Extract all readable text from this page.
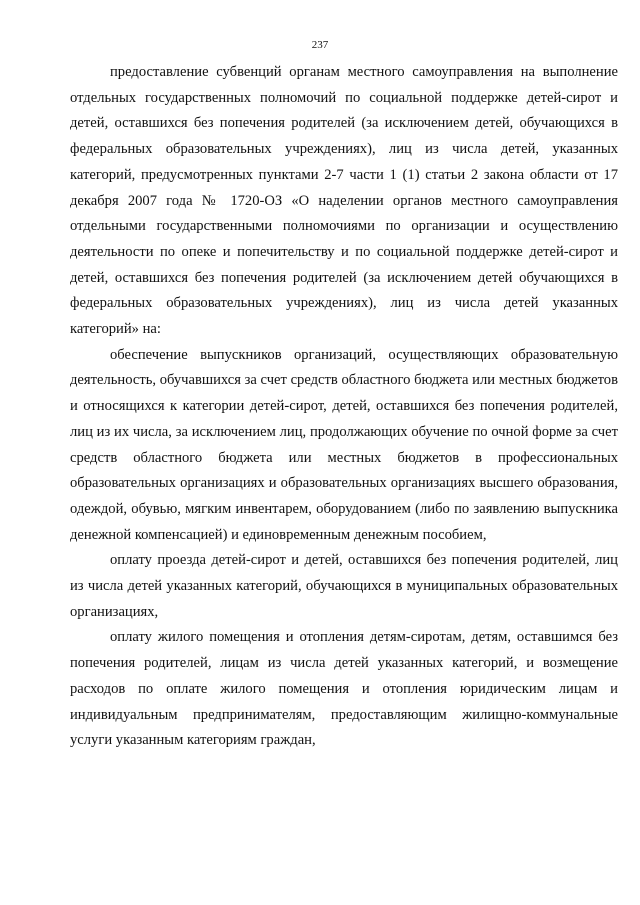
237

предоставление субвенций органам местного самоуправления на выполнение отдельных государственных полномочий по социальной поддержке детей-сирот и детей, оставшихся без попечения родителей (за исключением детей, обучающихся в федеральных образовательных учреждениях), лиц из числа детей, указанных категорий, предусмотренных пунктами 2-7 части 1 (1) статьи 2 закона области от 17 декабря 2007 года № 1720-ОЗ «О наделении органов местного самоуправления отдельными государственными полномочиями по организации и осуществлению деятельности по опеке и попечительству и по социальной поддержке детей-сирот и детей, оставшихся без попечения родителей (за исключением детей обучающихся в федеральных образовательных учреждениях), лиц из числа детей указанных категорий» на:

обеспечение выпускников организаций, осуществляющих образовательную деятельность, обучавшихся за счет средств областного бюджета или местных бюджетов и относящихся к категории детей-сирот, детей, оставшихся без попечения родителей, лиц из их числа, за исключением лиц, продолжающих обучение по очной форме за счет средств областного бюджета или местных бюджетов в профессиональных образовательных организациях и образовательных организациях высшего образования, одеждой, обувью, мягким инвентарем, оборудованием (либо по заявлению выпускника денежной компенсацией) и единовременным денежным пособием,

оплату проезда детей-сирот и детей, оставшихся без попечения родителей, лиц из числа детей указанных категорий, обучающихся в муниципальных образовательных организациях,

оплату жилого помещения и отопления детям-сиротам, детям, оставшимся без попечения родителей, лицам из числа детей указанных категорий, и возмещение расходов по оплате жилого помещения и отопления юридическим лицам и индивидуальным предпринимателям, предоставляющим жилищно-коммунальные услуги указанным категориям граждан,
